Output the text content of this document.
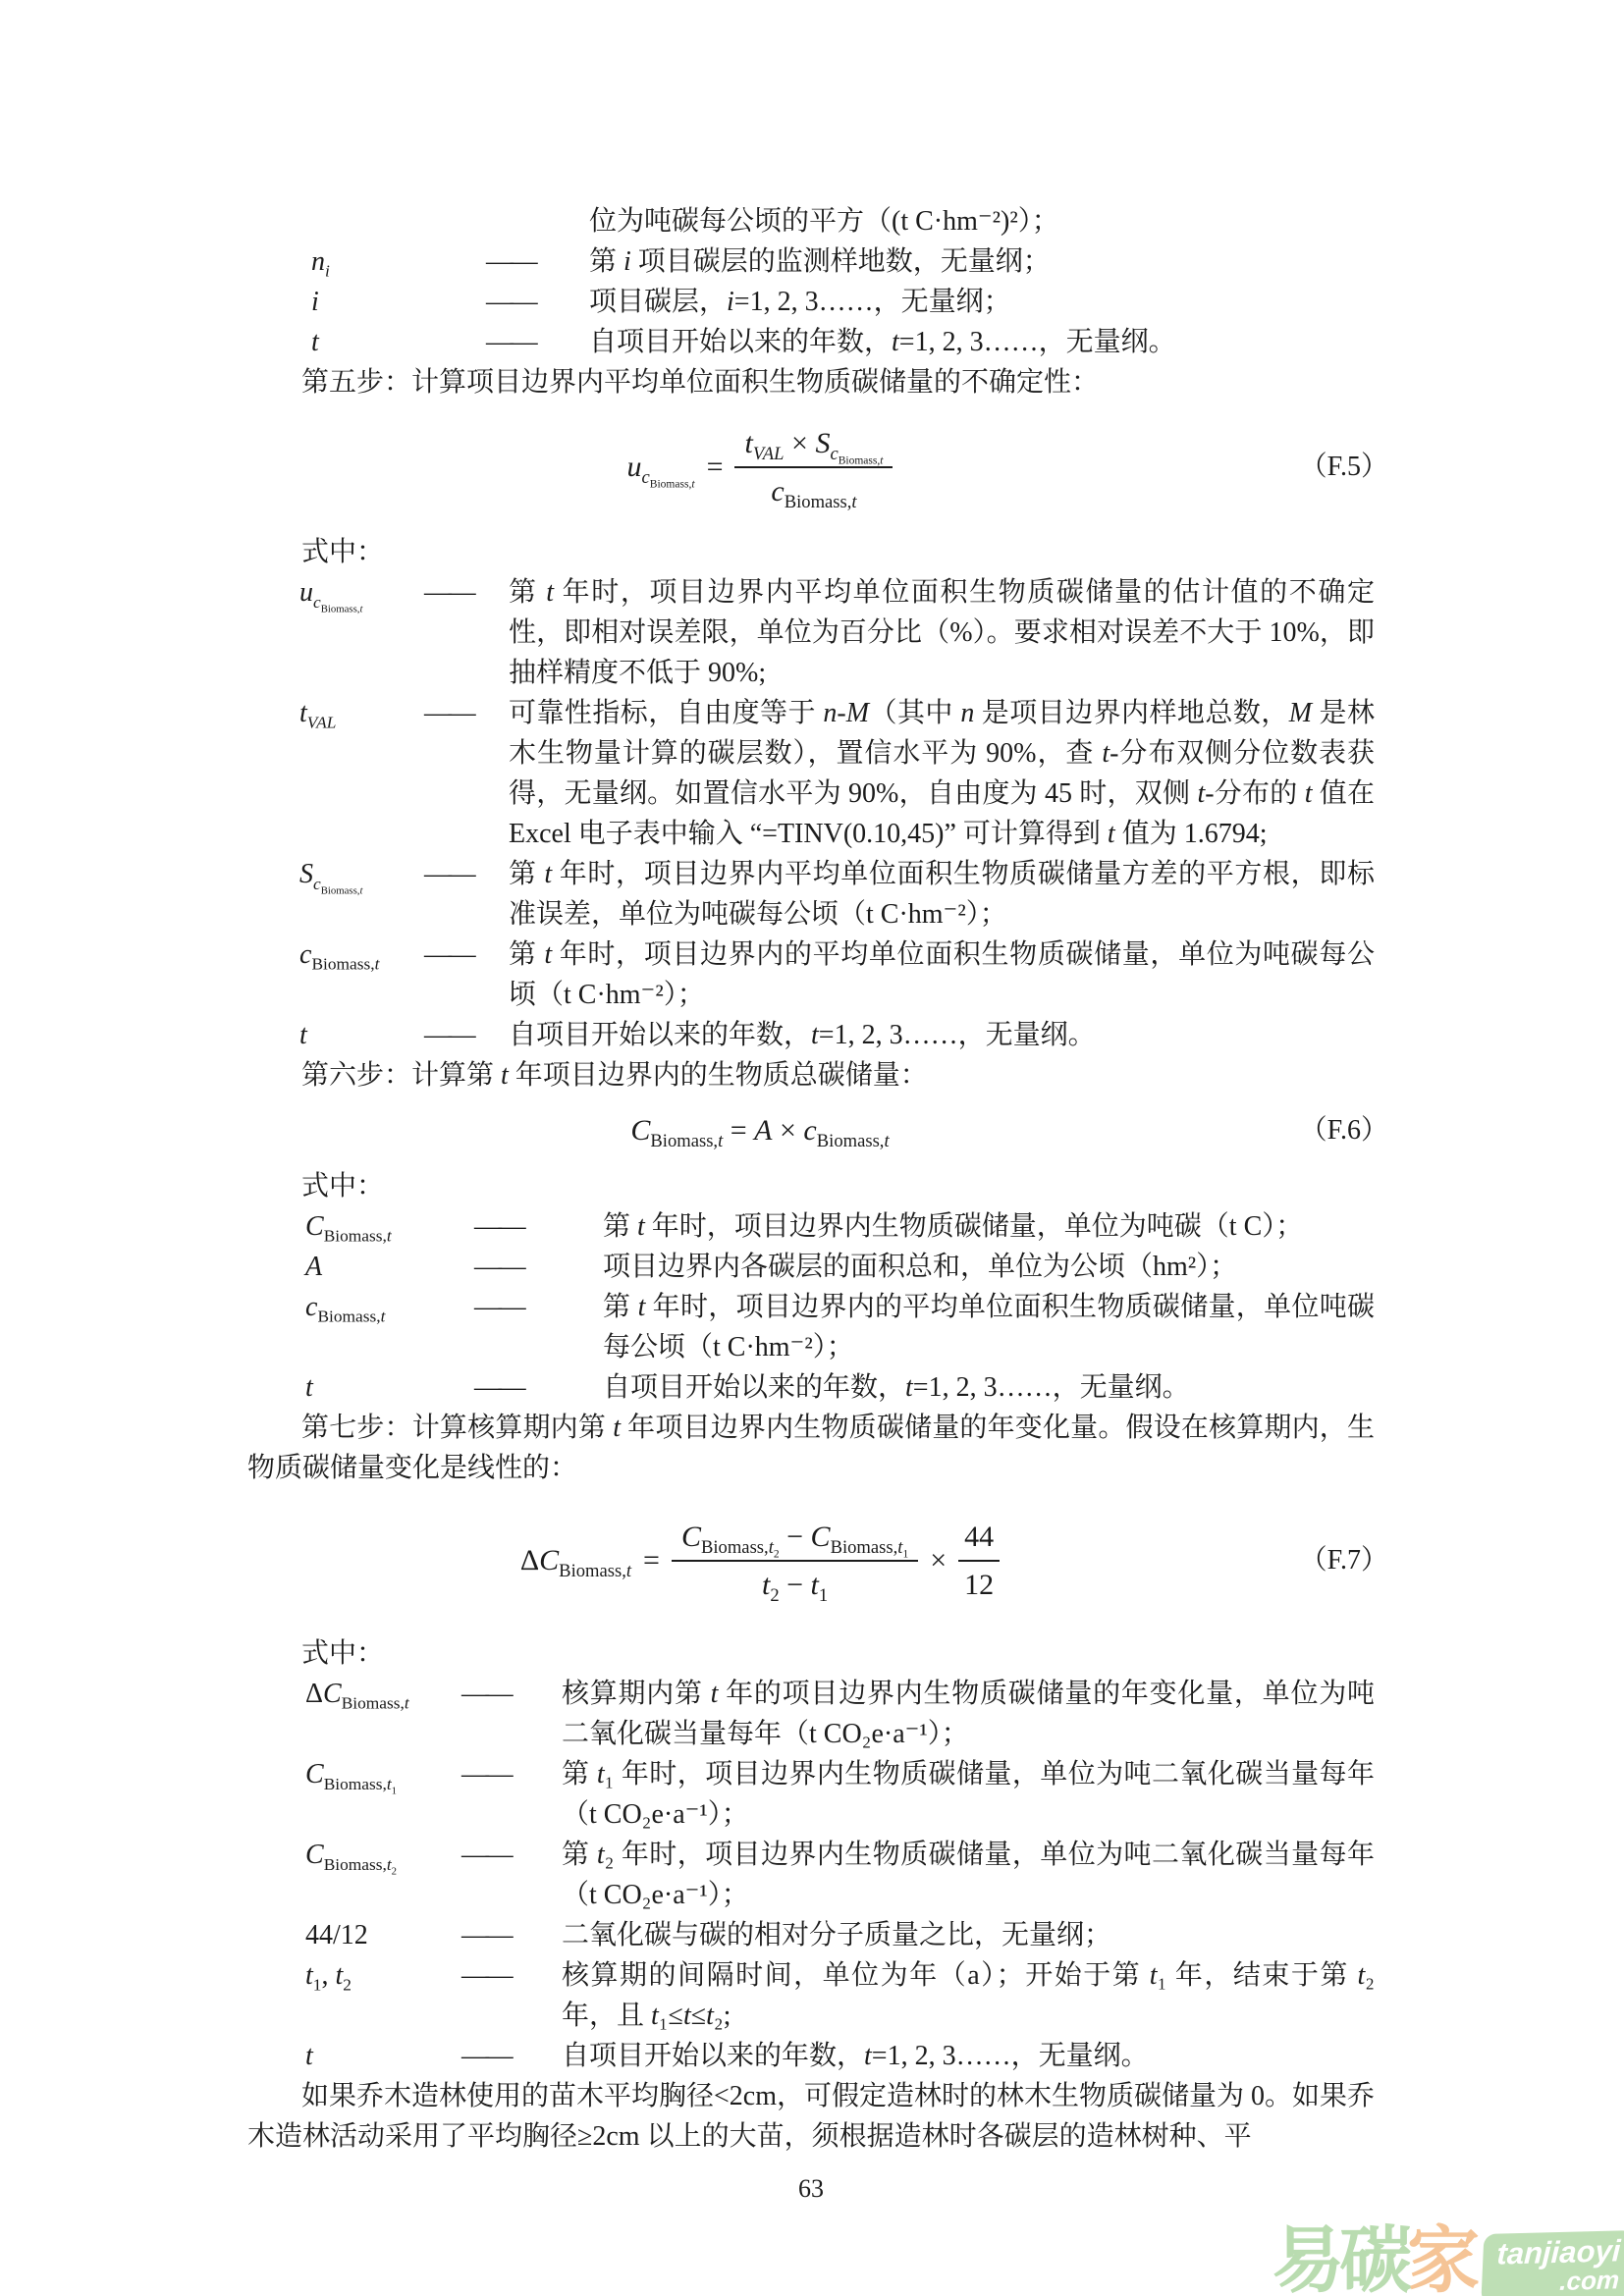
位为吨碳每公顷的平方（(t C·hm⁻²)²）；

$n_i$	——	第 i 项目碳层的监测样地数，无量纲；
i	——	项目碳层，i=1, 2, 3……，无量纲；
t	——	自项目开始以来的年数，t=1, 2, 3……，无量纲。

第五步：计算项目边界内平均单位面积生物质碳储量的不确定性：

$u_{c_{Biomass,t}}$
= $\frac{t_{VAL} \times S_{c_{Biomass,t}}}{c_{Biomass,t}}$	（F.5）

式中：

$u_{c_{Biomass,t}}$
——	第 t 年时，项目边界内平均单位面积生物质碳储量的估计值的不确定性，即相对误差限，单位为百分比（%）。要求相对误差不大于 10%，即抽样精度不低于 90%;
$t_{VAL}$	——	可靠性指标，自由度等于 n-M（其中 n 是项目边界内样地总数，M 是林木生物量计算的碳层数），置信水平为 90%，查 t-分布双侧分位数表获得，无量纲。如置信水平为 90%，自由度为 45 时，双侧 t-分布的 t 值在 Excel 电子表中输入 “=TINV(0.10,45)” 可计算得到 t 值为 1.6794;
$S_{c_{Biomass,t}}$
——	第 t 年时，项目边界内平均单位面积生物质碳储量方差的平方根，即标准误差，单位为吨碳每公顷（t C·hm⁻²）；
$c_{Biomass,t}$	——	第 t 年时，项目边界内的平均单位面积生物质碳储量，单位为吨碳每公顷（t C·hm⁻²）；
t	——	自项目开始以来的年数，t=1, 2, 3……，无量纲。

第六步：计算第 t 年项目边界内的生物质总碳储量：

$C_{Biomass,t} = A \times c_{Biomass,t}$	（F.6）

式中：

$C_{Biomass,t}$	——	第 t 年时，项目边界内生物质碳储量，单位为吨碳（t C）；
A	——	项目边界内各碳层的面积总和，单位为公顷（hm²）；
$c_{Biomass,t}$	——	第 t 年时，项目边界内的平均单位面积生物质碳储量，单位吨碳每公顷（t C·hm⁻²）；
t	——	自项目开始以来的年数，t=1, 2, 3……，无量纲。

第七步：计算核算期内第 t 年项目边界内生物质碳储量的年变化量。假设在核算期内，生物质碳储量变化是线性的：

$\Delta C_{Biomass,t} = \frac{C_{Biomass,t_2} - C_{Biomass,t_1}}{t_2 - t_1} \times \frac{44}{12}$	（F.7）

式中：

$\Delta C_{Biomass,t}$	——	核算期内第 t 年的项目边界内生物质碳储量的年变化量，单位为吨二氧化碳当量每年（t CO₂e·a⁻¹）；
$C_{Biomass,t_1}$
——	第 t₁ 年时，项目边界内生物质碳储量，单位为吨二氧化碳当量每年（t CO₂e·a⁻¹）；
$C_{Biomass,t_2}$
——	第 t₂ 年时，项目边界内生物质碳储量，单位为吨二氧化碳当量每年（t CO₂e·a⁻¹）；
44/12	——	二氧化碳与碳的相对分子质量之比，无量纲；
$t_1$, $t_2$	——	核算期的间隔时间，单位为年（a）；开始于第 t₁ 年，结束于第 t₂ 年，且 t₁≤t≤t₂;
t	——	自项目开始以来的年数，t=1, 2, 3……，无量纲。

如果乔木造林使用的苗木平均胸径<2cm，可假定造林时的林木生物质碳储量为 0。如果乔木造林活动采用了平均胸径≥2cm 以上的大苗，须根据造林时各碳层的造林树种、平

63
易碳家 tanjiaoyi
.com
